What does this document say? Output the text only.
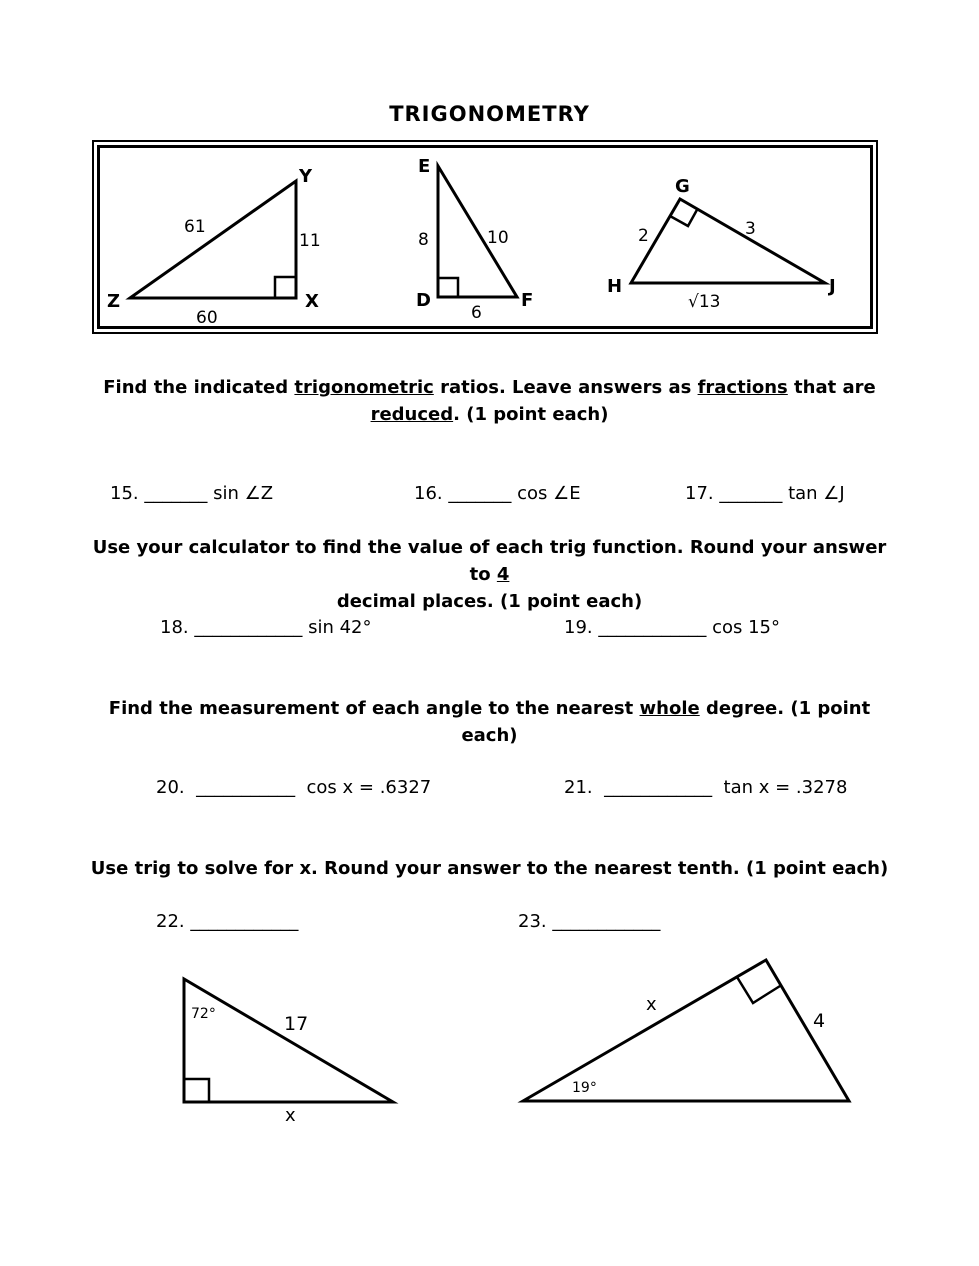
TRIGONOMETRY
Y
Z	X
61
11
60
E
D	F
8	10
6
G
H	J
2	3
√13
72°	17
x
x
4
19°
Find the indicated trigonometric ratios. Leave answers as fractions that are
reduced. (1 point each)
15. _______ sin ∠Z	16. _______ cos ∠E	17. _______ tan ∠J
Use your calculator to find the value of each trig function. Round your answer to 4
decimal places. (1 point each)
18. ____________ sin 42°	19. ____________ cos 15°
Find the measurement of each angle to the nearest whole degree. (1 point each)
20.  ___________  cos x = .6327	21.  ____________  tan x = .3278
Use trig to solve for x. Round your answer to the nearest tenth. (1 point each)
22. ____________	23. ____________
